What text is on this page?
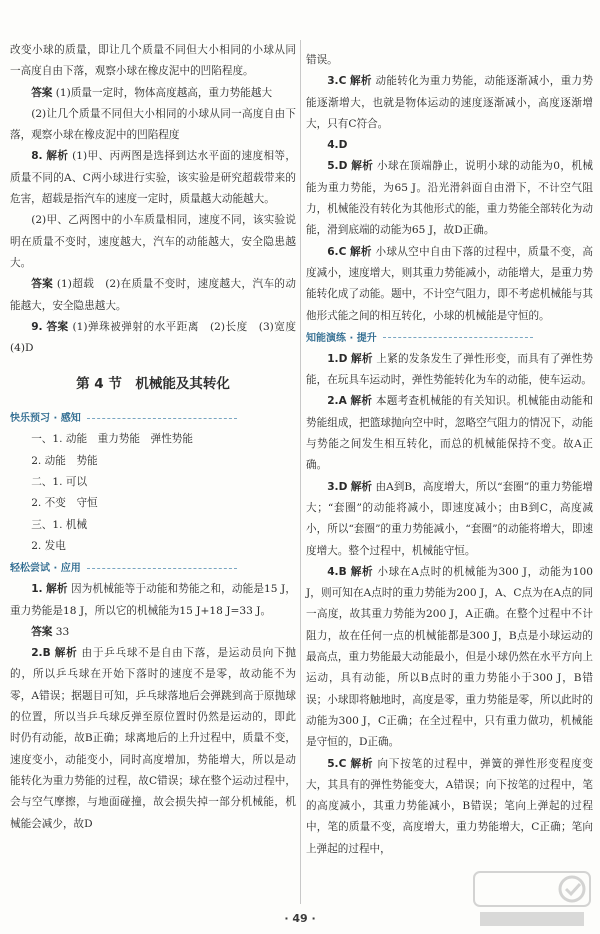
改变小球的质量，即让几个质量不同但大小相同的小球从同一高度自由下落，观察小球在橡皮泥中的凹陷程度。

答案 (1)质量一定时，物体高度越高，重力势能越大

(2)让几个质量不同但大小相同的小球从同一高度自由下落，观察小球在橡皮泥中的凹陷程度

8. 解析 (1)甲、丙两图是选择到达水平面的速度相等，质量不同的A、C两小球进行实验，该实验是研究超载带来的危害，超载是指汽车的速度一定时，质量越大动能越大。

(2)甲、乙两图中的小车质量相同，速度不同，该实验说明在质量不变时，速度越大，汽车的动能越大，安全隐患越大。

答案 (1)超载　(2)在质量不变时，速度越大，汽车的动能越大，安全隐患越大。

9. 答案 (1)弹珠被弹射的水平距离　(2)长度　(3)宽度　(4)D

第 4 节　机械能及其转化
快乐预习 · 感知

一、1. 动能　重力势能　弹性势能

2. 动能　势能

二、1. 可以

2. 不变　守恒

三、1. 机械

2. 发电

轻松尝试 · 应用

1. 解析 因为机械能等于动能和势能之和，动能是15 J，重力势能是18 J，所以它的机械能为15 J+18 J=33 J。

答案 33

2.B 解析 由于乒乓球不是自由下落，是运动员向下抛的，所以乒乓球在开始下落时的速度不是零，故动能不为零，A错误；据题目可知，乒乓球落地后会弹跳到高于原抛球的位置，所以当乒乓球反弹至原位置时仍然是运动的，即此时仍有动能，故B正确；球离地后的上升过程中，质量不变，速度变小，动能变小，同时高度增加，势能增大，所以是动能转化为重力势能的过程，故C错误；球在整个运动过程中，会与空气摩擦，与地面碰撞，故会损失掉一部分机械能，机械能会减少，故D

错误。

3.C 解析 动能转化为重力势能，动能逐渐减小，重力势能逐渐增大，也就是物体运动的速度逐渐减小，高度逐渐增大，只有C符合。

4.D

5.D 解析 小球在顶端静止，说明小球的动能为0，机械能为重力势能，为65 J。沿光滑斜面自由滑下，不计空气阻力，机械能没有转化为其他形式的能，重力势能全部转化为动能，滑到底端的动能为65 J，故D正确。

6.C 解析 小球从空中自由下落的过程中，质量不变，高度减小，速度增大，则其重力势能减小，动能增大，是重力势能转化成了动能。题中，不计空气阻力，即不考虑机械能与其他形式能之间的相互转化，小球的机械能是守恒的。

知能演练 · 提升

1.D 解析 上紧的发条发生了弹性形变，而具有了弹性势能，在玩具车运动时，弹性势能转化为车的动能，使车运动。

2.A 解析 本题考查机械能的有关知识。机械能由动能和势能组成，把篮球抛向空中时，忽略空气阻力的情况下，动能与势能之间发生相互转化，而总的机械能保持不变。故A正确。

3.D 解析 由A到B，高度增大，所以“套圈”的重力势能增大；“套圈”的动能将减小，即速度减小；由B到C，高度减小，所以“套圈”的重力势能减小，“套圈”的动能将增大，即速度增大。整个过程中，机械能守恒。

4.B 解析 小球在A点时的机械能为300 J，动能为100 J，则可知在A点时的重力势能为200 J，A、C点为在A点的同一高度，故其重力势能为200 J，A正确。在整个过程中不计阻力，故在任何一点的机械能都是300 J，B点是小球运动的最高点，重力势能最大动能最小，但是小球仍然在水平方向上运动，具有动能，所以B点时的重力势能小于300 J，B错误；小球即将触地时，高度是零，重力势能是零，所以此时的动能为300 J，C正确；在全过程中，只有重力做功，机械能是守恒的，D正确。

5.C 解析 向下按笔的过程中，弹簧的弹性形变程度变大，其具有的弹性势能变大，A错误；向下按笔的过程中，笔的高度减小，其重力势能减小，B错误；笔向上弹起的过程中，笔的质量不变，高度增大，重力势能增大，C正确；笔向上弹起的过程中，

· 49 ·
